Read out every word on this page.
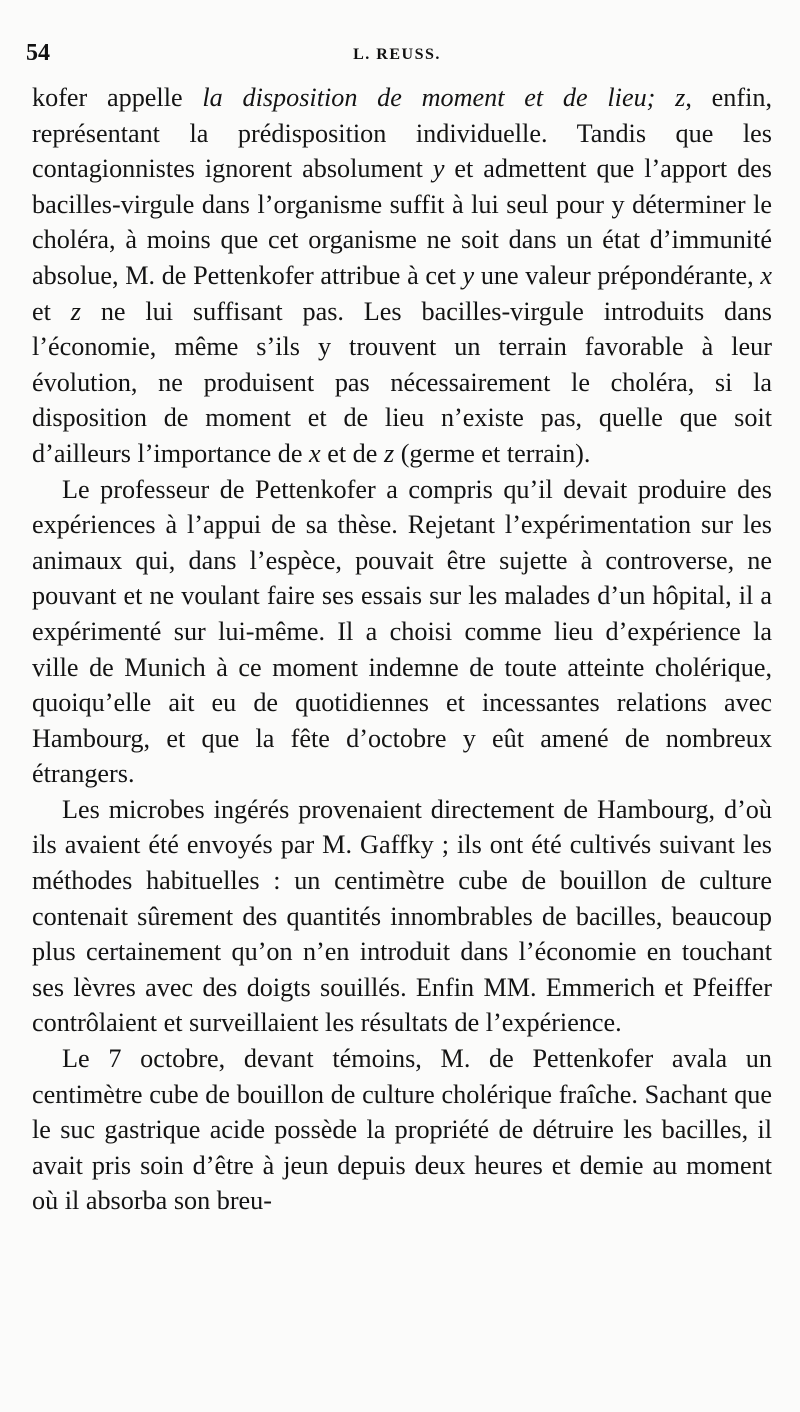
54	L. REUSS.

kofer appelle la disposition de moment et de lieu; z, enfin, représentant la prédisposition individuelle. Tandis que les contagionnistes ignorent absolument y et admettent que l’apport des bacilles-virgule dans l’organisme suffit à lui seul pour y déterminer le choléra, à moins que cet organisme ne soit dans un état d’immunité absolue, M. de Pettenkofer attribue à cet y une valeur prépondérante, x et z ne lui suffisant pas. Les bacilles-virgule introduits dans l’économie, même s’ils y trouvent un terrain favorable à leur évolution, ne produisent pas nécessairement le choléra, si la disposition de moment et de lieu n’existe pas, quelle que soit d’ailleurs l’importance de x et de z (germe et terrain).

Le professeur de Pettenkofer a compris qu’il devait produire des expériences à l’appui de sa thèse. Rejetant l’expérimentation sur les animaux qui, dans l’espèce, pouvait être sujette à controverse, ne pouvant et ne voulant faire ses essais sur les malades d’un hôpital, il a expérimenté sur lui-même. Il a choisi comme lieu d’expérience la ville de Munich à ce moment indemne de toute atteinte cholérique, quoiqu’elle ait eu de quotidiennes et incessantes relations avec Hambourg, et que la fête d’octobre y eût amené de nombreux étrangers.

Les microbes ingérés provenaient directement de Hambourg, d’où ils avaient été envoyés par M. Gaffky ; ils ont été cultivés suivant les méthodes habituelles : un centimètre cube de bouillon de culture contenait sûrement des quantités innombrables de bacilles, beaucoup plus certainement qu’on n’en introduit dans l’économie en touchant ses lèvres avec des doigts souillés. Enfin MM. Emmerich et Pfeiffer contrôlaient et surveillaient les résultats de l’expérience.

Le 7 octobre, devant témoins, M. de Pettenkofer avala un centimètre cube de bouillon de culture cholérique fraîche. Sachant que le suc gastrique acide possède la propriété de détruire les bacilles, il avait pris soin d’être à jeun depuis deux heures et demie au moment où il absorba son breu-
